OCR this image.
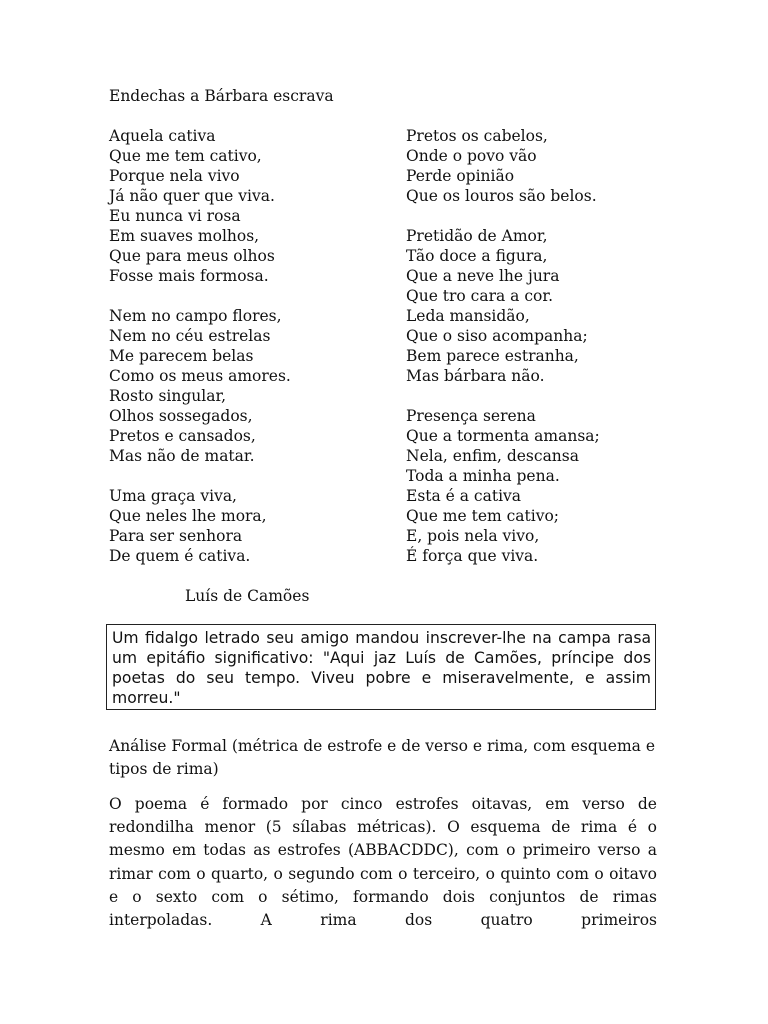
Endechas a Bárbara escrava
Aquela cativa
Que me tem cativo,
Porque nela vivo
Já não quer que viva.
Eu nunca vi rosa
Em suaves molhos,
Que para meus olhos
Fosse mais formosa.
Nem no campo flores,
Nem no céu estrelas
Me parecem belas
Como os meus amores.
Rosto singular,
Olhos sossegados,
Pretos e cansados,
Mas não de matar.
Uma graça viva,
Que neles lhe mora,
Para ser senhora
De quem é cativa.
Pretos os cabelos,
Onde o povo vão
Perde opinião
Que os louros são belos.
Pretidão de Amor,
Tão doce a figura,
Que a neve lhe jura
Que tro cara a cor.
Leda mansidão,
Que o siso acompanha;
Bem parece estranha,
Mas bárbara não.
Presença serena
Que a tormenta amansa;
Nela, enfim, descansa
Toda a minha pena.
Esta é a cativa
Que me tem cativo;
E, pois nela vivo,
É força que viva.
Luís de Camões
Um fidalgo letrado seu amigo mandou inscrever-lhe na campa rasa um epitáfio significativo: "Aqui jaz Luís de Camões, príncipe dos poetas do seu tempo. Viveu pobre e miseravelmente, e assim morreu."
Análise Formal (métrica de estrofe e de verso e rima, com esquema e tipos de rima)
O poema é formado por cinco estrofes oitavas, em verso de redondilha menor (5 sílabas métricas). O esquema de rima é o mesmo em todas as estrofes (ABBACDDC), com o primeiro verso a rimar com o quarto, o segundo com o terceiro, o quinto com o oitavo e o sexto com o sétimo, formando dois conjuntos de rimas interpoladas. A rima dos quatro primeiros
